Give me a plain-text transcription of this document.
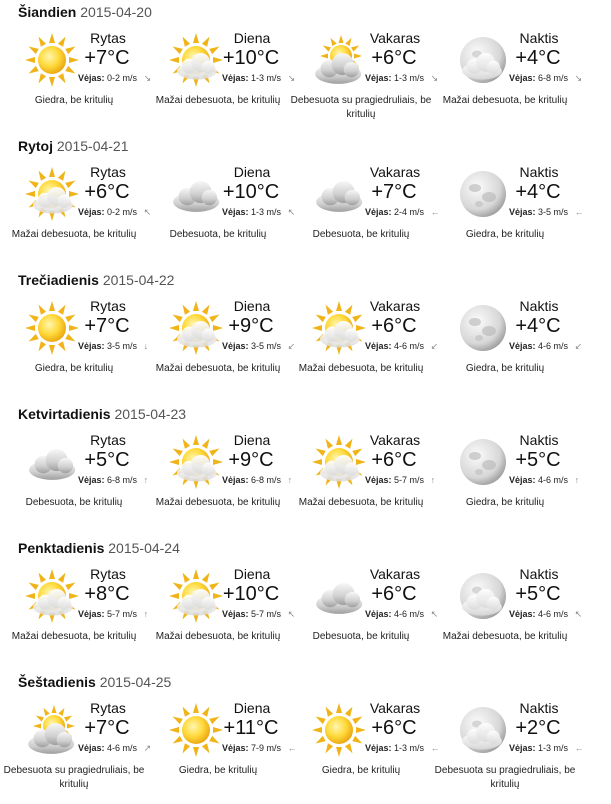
Šiandien 2015-04-20
Rytas
+7°C
Vėjas: 0-2 m/s ↘
Giedra, be kritulių
Diena
+10°C
Vėjas: 1-3 m/s ↘
Mažai debesuota, be kritulių
Vakaras
+6°C
Vėjas: 1-3 m/s ↘
Debesuota su pragiedruliais, be kritulių
Naktis
+4°C
Vėjas: 6-8 m/s ↘
Mažai debesuota, be kritulių
Rytoj 2015-04-21
Rytas
+6°C
Vėjas: 0-2 m/s ↖
Mažai debesuota, be kritulių
Diena
+10°C
Vėjas: 1-3 m/s ↖
Debesuota, be kritulių
Vakaras
+7°C
Vėjas: 2-4 m/s ←
Debesuota, be kritulių
Naktis
+4°C
Vėjas: 3-5 m/s ←
Giedra, be kritulių
Trečiadienis 2015-04-22
Rytas
+7°C
Vėjas: 3-5 m/s ↓
Giedra, be kritulių
Diena
+9°C
Vėjas: 3-5 m/s ↙
Mažai debesuota, be kritulių
Vakaras
+6°C
Vėjas: 4-6 m/s ↙
Mažai debesuota, be kritulių
Naktis
+4°C
Vėjas: 4-6 m/s ↙
Giedra, be kritulių
Ketvirtadienis 2015-04-23
Rytas
+5°C
Vėjas: 6-8 m/s ↑
Debesuota, be kritulių
Diena
+9°C
Vėjas: 6-8 m/s ↑
Mažai debesuota, be kritulių
Vakaras
+6°C
Vėjas: 5-7 m/s ↑
Mažai debesuota, be kritulių
Naktis
+5°C
Vėjas: 4-6 m/s ↑
Giedra, be kritulių
Penktadienis 2015-04-24
Rytas
+8°C
Vėjas: 5-7 m/s ↑
Mažai debesuota, be kritulių
Diena
+10°C
Vėjas: 5-7 m/s ↖
Mažai debesuota, be kritulių
Vakaras
+6°C
Vėjas: 4-6 m/s ↖
Debesuota, be kritulių
Naktis
+5°C
Vėjas: 4-6 m/s ↖
Mažai debesuota, be kritulių
Šeštadienis 2015-04-25
Rytas
+7°C
Vėjas: 4-6 m/s ↗
Debesuota su pragiedruliais, be kritulių
Diena
+11°C
Vėjas: 7-9 m/s ←
Giedra, be kritulių
Vakaras
+6°C
Vėjas: 1-3 m/s ←
Giedra, be kritulių
Naktis
+2°C
Vėjas: 1-3 m/s ←
Debesuota su pragiedruliais, be kritulių
